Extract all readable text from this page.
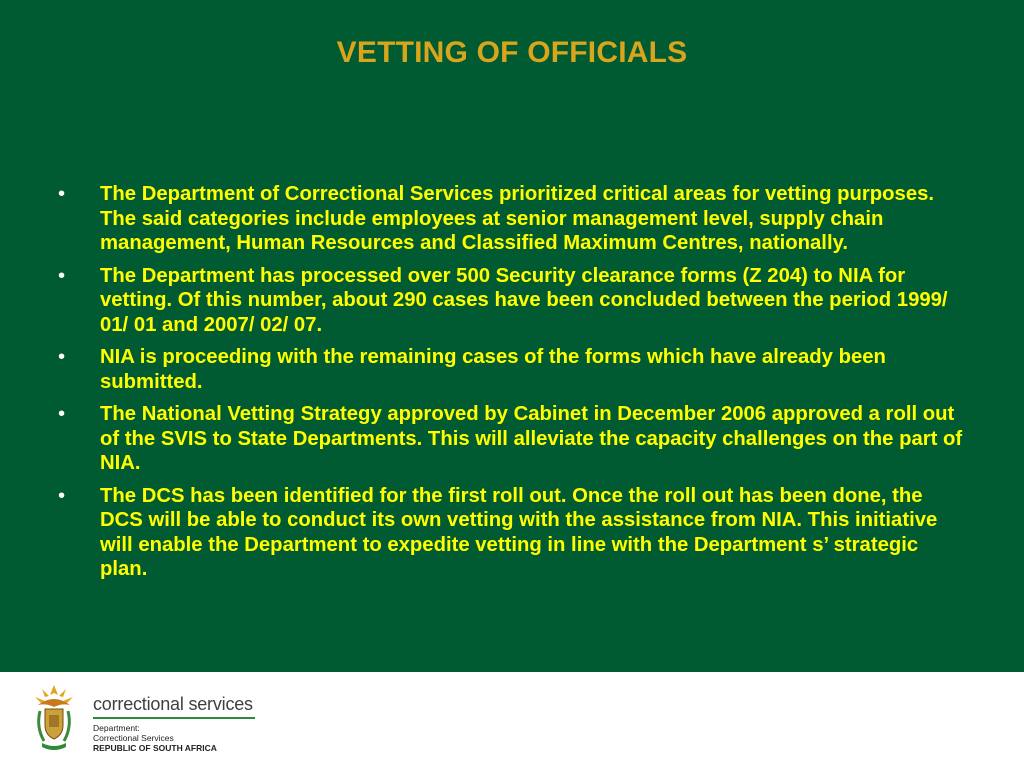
VETTING OF OFFICIALS
• The Department of Correctional Services prioritized critical areas for vetting purposes. The said categories include employees at senior management level, supply chain management, Human Resources and Classified Maximum Centres, nationally.
• The Department has processed over 500 Security clearance forms (Z 204) to NIA for vetting. Of this number, about 290 cases have been concluded between the period 1999/ 01/ 01 and 2007/ 02/ 07.
• NIA is proceeding with the remaining cases of the forms which have already been submitted.
• The National Vetting Strategy approved by Cabinet in December 2006 approved a roll out of the SVIS to State Departments. This will alleviate the capacity challenges on the part of NIA.
• The DCS has been identified for the first roll out. Once the roll out has been done, the DCS will be able to conduct its own vetting with the assistance from NIA. This initiative will enable the Department to expedite vetting in line with the Department s’ strategic plan.
correctional services
Department:
Correctional Services
REPUBLIC OF SOUTH AFRICA
